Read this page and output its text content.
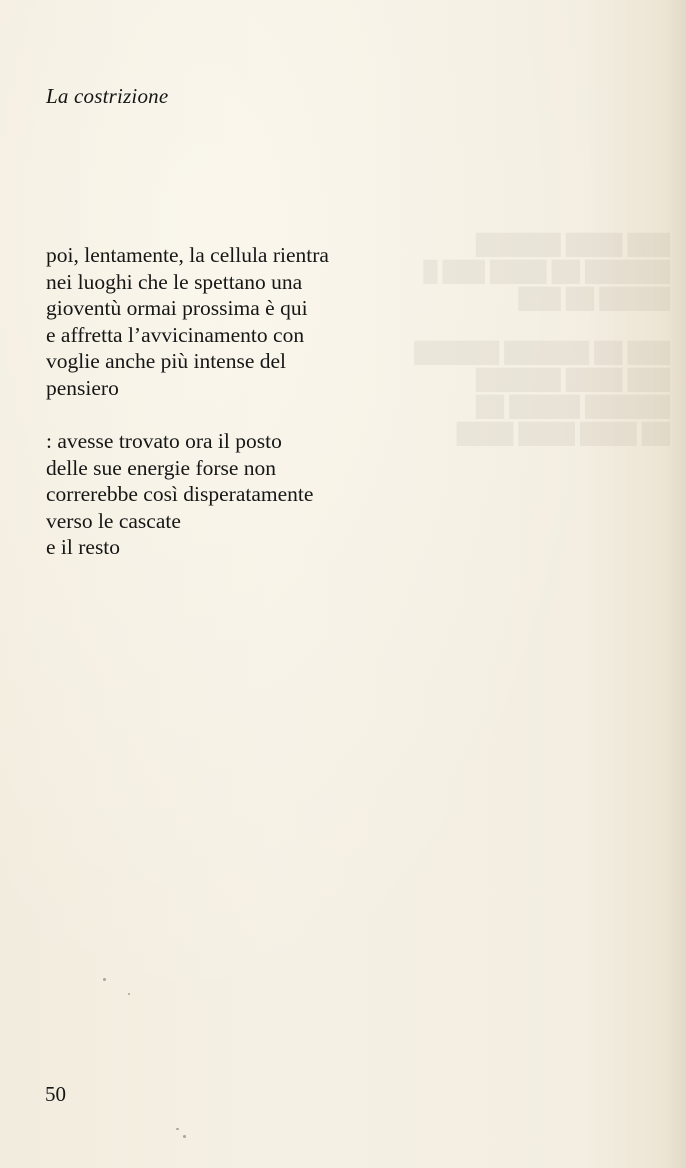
███ ████ ██████
██████ ██ ████ ███ █
█████ ██ ███

███ ██ ██████ ██████
███ ████ ██████
██████ █████ ██
██ ████ ████ ████
La costrizione
poi, lentamente, la cellula rientra
nei luoghi che le spettano una
gioventù ormai prossima è qui
e affretta l’avvicinamento con
voglie anche più intense del
pensiero
: avesse trovato ora il posto
delle sue energie forse non
correrebbe così disperatamente
verso le cascate
e il resto
50
